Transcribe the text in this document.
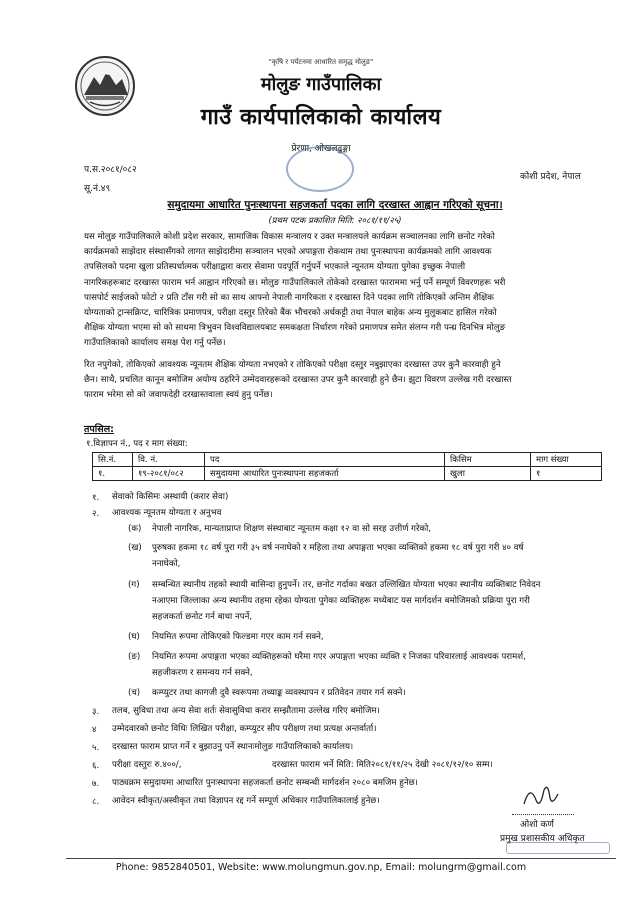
"कृषि र पर्यटनमा आधारित समृद्ध मोलुङ"
मोलुङ गाउँपालिका
गाउँ कार्यपालिकाको कार्यालय
प्रेरणा, ओखलढुङ्गा
प.स.२०८१/०८२
सू.नं.४९
कोशी प्रदेश, नेपाल
समुदायमा आधारित पुनःस्थापना सहजकर्ता पदका लागि दरखास्त आह्वान गरिएको सूचना।
(प्रथम पटक प्रकाशित मिति: २०८१/११/२५)
यस मोलुङ गाउँपालिकाले कोशी प्रदेश सरकार, सामाजिक विकास मन्त्रालय र उक्त मन्त्रालयले कार्यक्रम सञ्चालनका लागि छनोट गरेको
कार्यक्रमको साझेदार संस्थासँगको लागत साझेदारीमा सञ्चालन भएको अपाङ्गता रोकथाम तथा पुनःस्थापना कार्यक्रमको लागि आवश्यक
तपसिलको पदमा खुला प्रतिस्पर्धात्मक परीक्षाद्वारा करार सेवामा पदपूर्ति गर्नुपर्ने भएकाले न्यूनतम योग्यता पुगेका इच्छुक नेपाली
नागरिकहरूबाट दरखास्त फाराम भर्न आह्वान गरिएको छ। मोलुङ गाउँपालिकाले तोकेको दरखास्त फाराममा भर्नु पर्ने सम्पूर्ण विवरणहरू भरी
पासपोर्ट साईजको फोटो २ प्रति टाँस गरी सो का साथ आफ्नो नेपाली नागरिकता र दरखास्त दिने पदका लागि तोकिएको अन्तिम शैक्षिक
योग्यताको ट्रान्सक्रिप्ट, चारित्रिक प्रमाणपत्र, परीक्षा दस्तुर तिरेको बैंक भौचरको अर्धकट्टी तथा नेपाल बाहेक अन्य मुलुकबाट हासिल गरेको
शैक्षिक योग्यता भएमा सो को साथमा त्रिभुवन विश्वविद्यालयबाट समकक्षता निर्धारण गरेको प्रमाणपत्र समेत संलग्न गरी पन्ध्र दिनभित्र मोलुङ
गाउँपालिकाको कार्यालय समक्ष पेश गर्नु पर्नेछ।
रित नपुगेको, तोकिएको आवश्यक न्यूनतम शैक्षिक योग्यता नभएको र तोकिएको परीक्षा दस्तुर नबुझाएका दरखास्त उपर कुनै कारवाही हुने
छैन। साथै, प्रचलित कानून बमोजिम अयोग्य ठहरिने उम्मेदवारहरूको दरखास्त उपर कुनै कारवाही हुने छैन। झुटा विवरण उल्लेख गरी दरखास्त
फाराम भरेमा सो को जवाफदेही दरखास्तवाला स्वयं हुनु पर्नेछ।
तपसिल:
१.विज्ञापन नं., पद र माग संख्या:
सि.नं.	वि. नं.	पद	किसिम	माग संख्या
१.	१९-२०८१/०८२	समुदायमा आधारित पुनःस्थापना सहजकर्ता	खुला	१
१. सेवाको किसिमः अस्थायी (करार सेवा)
२. आवश्यक न्यूनतम योग्यता र अनुभव
(क) नेपाली नागरिक, मान्यताप्राप्त शिक्षण संस्थाबाट न्यूनतम कक्षा १२ वा सो सरह उत्तीर्ण गरेको,
(ख) पुरुषका हकमा १८ वर्ष पुरा गरी ३५ वर्ष ननाघेको र महिला तथा अपाङ्गता भएका व्यक्तिको हकमा १८ वर्ष पुरा गरी ४० वर्ष
ननाघेको,
(ग) सम्बन्धित स्थानीय तहको स्थायी बासिन्दा हुनुपर्ने। तर, छनोट गर्दाका बखत उल्लिखित योग्यता भएका स्थानीय व्यक्तिबाट निवेदन
नआएमा जिल्लाका अन्य स्थानीय तहमा रहेका योग्यता पुगेका व्यक्तिहरू मध्येबाट यस मार्गदर्शन बमोजिमको प्रक्रिया पुरा गरी
सहजकर्ता छनोट गर्न बाधा नपर्ने,
(घ) नियमित रूपमा तोकिएको फिल्डमा गएर काम गर्न सक्ने,
(ङ) नियमित रूपमा अपाङ्गता भएका व्यक्तिहरूको घरैमा गएर अपाङ्गता भएका व्यक्ति र निजका परिवारलाई आवश्यक परामर्श,
सहजीकरण र समन्वय गर्न सक्ने,
(च) कम्प्युटर तथा कागजी दुवै स्वरूपमा तथ्याङ्क व्यवस्थापन र प्रतिवेदन तयार गर्न सक्ने।
३. तलब, सुविधा तथा अन्य सेवा शर्तः सेवासुविधा करार सम्झौतामा उल्लेख गरिए बमोजिम।
४ उम्मेदवारको छनोट विधिः लिखित परीक्षा, कम्प्युटर सीप परीक्षण तथा प्रत्यक्ष अन्तर्वार्ता।
५. दरखास्त फाराम प्राप्त गर्ने र बुझाउनु पर्ने स्थानःमोलुङ गाउँपालिकाको कार्यालय।
६. परीक्षा दस्तुरः रु.४००/,	दरखास्त फाराम भर्ने मिति: मिति२०८१/११/२५ देखी २०८१/१२/१० सम्म।
७. पाठ्यक्रम समुदायमा आधारित पुनःस्थापना सहजकर्ता छनोट सम्बन्धी मार्गदर्शन २०८० बमजिम हुनेछ।
८. आवेदन स्वीकृत/अस्वीकृत तथा विज्ञापन रद्द गर्ने सम्पूर्ण अधिकार गाउँपालिकालाई हुनेछ।
ओशो कर्ण
प्रमुख प्रशासकीय अधिकृत
Phone: 9852840501, Website: www.molungmun.gov.np, Email: molungrm@gmail.com
